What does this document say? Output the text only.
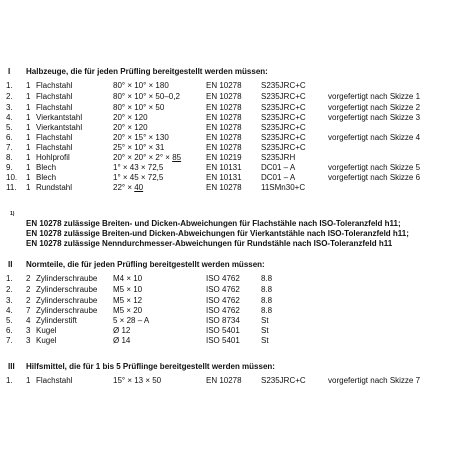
I Halbzeuge, die für jeden Prüfling bereitgestellt werden müssen:
1. 1 Flachstahl	80° × 10° × 180	EN 10278 S235JRC+C
2. 1 Flachstahl	80° × 10° × 50–0,2	EN 10278 S235JRC+C	vorgefertigt nach Skizze 1
3. 1 Flachstahl	80° × 10° × 50	EN 10278 S235JRC+C	vorgefertigt nach Skizze 2
4. 1 Vierkantstahl	20° × 120	EN 10278 S235JRC+C	vorgefertigt nach Skizze 3
5. 1 Vierkantstahl	20° × 120	EN 10278 S235JRC+C
6. 1 Flachstahl	20° × 15° × 130	EN 10278 S235JRC+C	vorgefertigt nach Skizze 4
7. 1 Flachstahl	25° × 10° × 31	EN 10278 S235JRC+C
8. 1 Hohlprofil	20° × 20° × 2° × 85	EN 10219 S235JRH
9. 1 Blech	1° × 43 × 72,5	EN 10131 DC01 – A	vorgefertigt nach Skizze 5
10. 1 Blech	1° × 45 × 72,5	EN 10131 DC01 – A	vorgefertigt nach Skizze 6
11. 1 Rundstahl	22° × 40	EN 10278 11SMn30+C
1)
EN 10278 zulässige Breiten- und Dicken-Abweichungen für Flachstähle nach ISO-Toleranzfeld h11;
EN 10278 zulässige Breiten-und Dicken-Abweichungen für Vierkantstähle nach ISO-Toleranzfeld h11;
EN 10278 zulässige Nenndurchmesser-Abweichungen für Rundstähle nach ISO-Toleranzfeld h11
II Normteile, die für jeden Prüfling bereitgestellt werden müssen:
1. 2 Zylinderschraube M4 × 10	ISO 4762	8.8
2. 2 Zylinderschraube M5 × 10	ISO 4762	8.8
3. 2 Zylinderschraube M5 × 12	ISO 4762	8.8
4. 7 Zylinderschraube M5 × 20	ISO 4762	8.8
5. 4 Zylinderstift	5 × 28 – A	ISO 8734	St
6. 3 Kugel	Ø 12	ISO 5401	St
7. 3 Kugel	Ø 14	ISO 5401	St
III Hilfsmittel, die für 1 bis 5 Prüflinge bereitgestellt werden müssen:
1. 1 Flachstahl	15° × 13 × 50	EN 10278 S235JRC+C	vorgefertigt nach Skizze 7
